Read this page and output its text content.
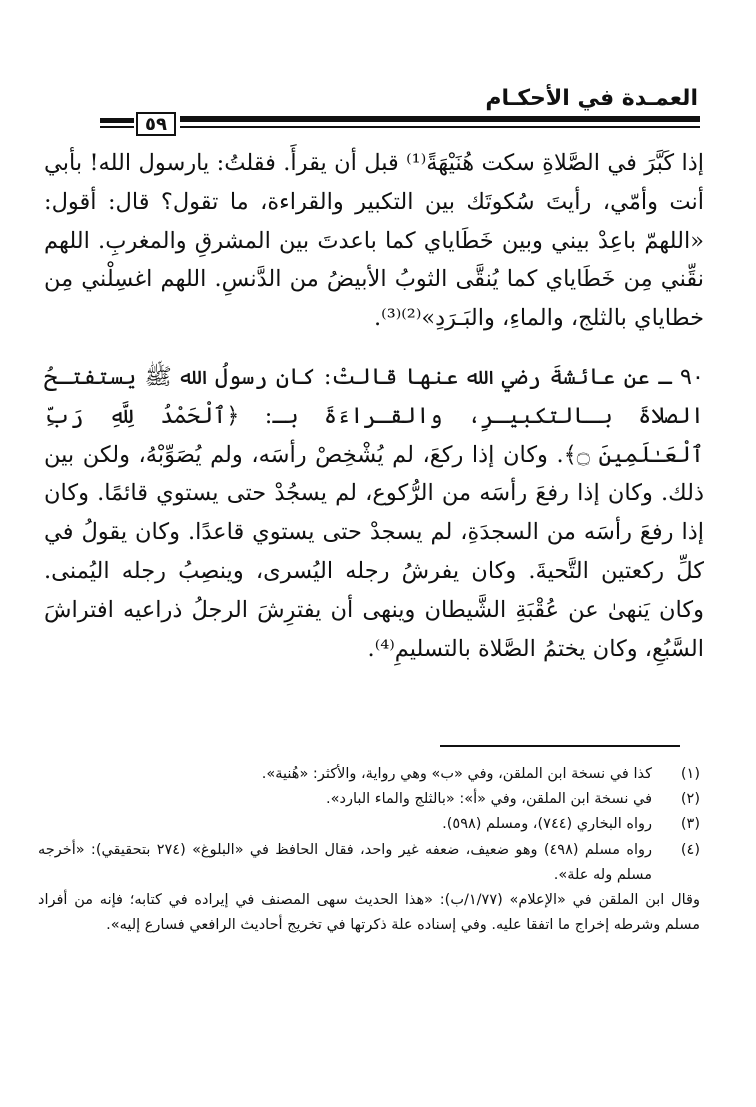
العمـدة في الأحكـام
٥٩
إذا كَبَّرَ في الصَّلاةِ سكت هُنَيْهَةً⁽¹⁾ قبل أن يقرأَ. فقلتُ: يارسول الله! بأبي أنت وأمّي، رأيتَ سُكوتَك بين التكبير والقراءة، ما تقول؟ قال: أقول: «اللهمّ باعِدْ بيني وبين خَطَاياي كما باعدتَ بين المشرقِ والمغربِ. اللهم نقِّني مِن خَطَاياي كما يُنقَّى الثوبُ الأبيضُ من الدَّنسِ. اللهم اغسِلْني مِن خطاياي بالثلج، والماءِ، والبَـرَدِ»⁽²⁾⁽³⁾.
٩٠ ـ عن عائشةَ رضي الله عنها قالتْ: كان رسولُ الله ﷺ يستفتـحُ الصلاةَ بـالتكبيـرِ، والقـراءَةَ بـ: ﴿ٱلْحَمْدُ لِلَّهِ رَبِّ ٱلْعَـٰلَمِينَ ۝﴾. وكان إذا ركعَ، لم يُشْخِصْ رأسَه، ولم يُصَوِّبْهُ، ولكن بين ذلك. وكان إذا رفعَ رأسَه من الرُّكوع، لم يسجُدْ حتى يستوي قائمًا. وكان إذا رفعَ رأسَه من السجدَةِ، لم يسجدْ حتى يستوي قاعدًا. وكان يقولُ في كلِّ ركعتين التَّحيةَ. وكان يفرشُ رجله اليُسرى، وينصِبُ رجله اليُمنى. وكان يَنهىٰ عن عُقْبَةِ الشَّيطان وينهى أن يفترِشَ الرجلُ ذراعيه افتراشَ السَّبُعِ، وكان يختمُ الصَّلاة بالتسليمِ⁽⁴⁾.
(١)
كذا في نسخة ابن الملقن، وفي «ب» وهي رواية، والأكثر: «هُنية».
(٢)
في نسخة ابن الملقن، وفي «أ»: «بالثلج والماء البارد».
(٣)
رواه البخاري (٧٤٤)، ومسلم (٥٩٨).
(٤)
رواه مسلم (٤٩٨) وهو ضعيف، ضعفه غير واحد، فقال الحافظ في «البلوغ» (٢٧٤ بتحقيقي): «أخرجه مسلم وله علة».
وقال ابن الملقن في «الإعلام» (١/٧٧/ب): «هذا الحديث سهى المصنف في إيراده في كتابه؛ فإنه من أفراد مسلم وشرطه إخراج ما اتفقا عليه. وفي إسناده علة ذكرتها في تخريج أحاديث الرافعي فسارع إليه».
